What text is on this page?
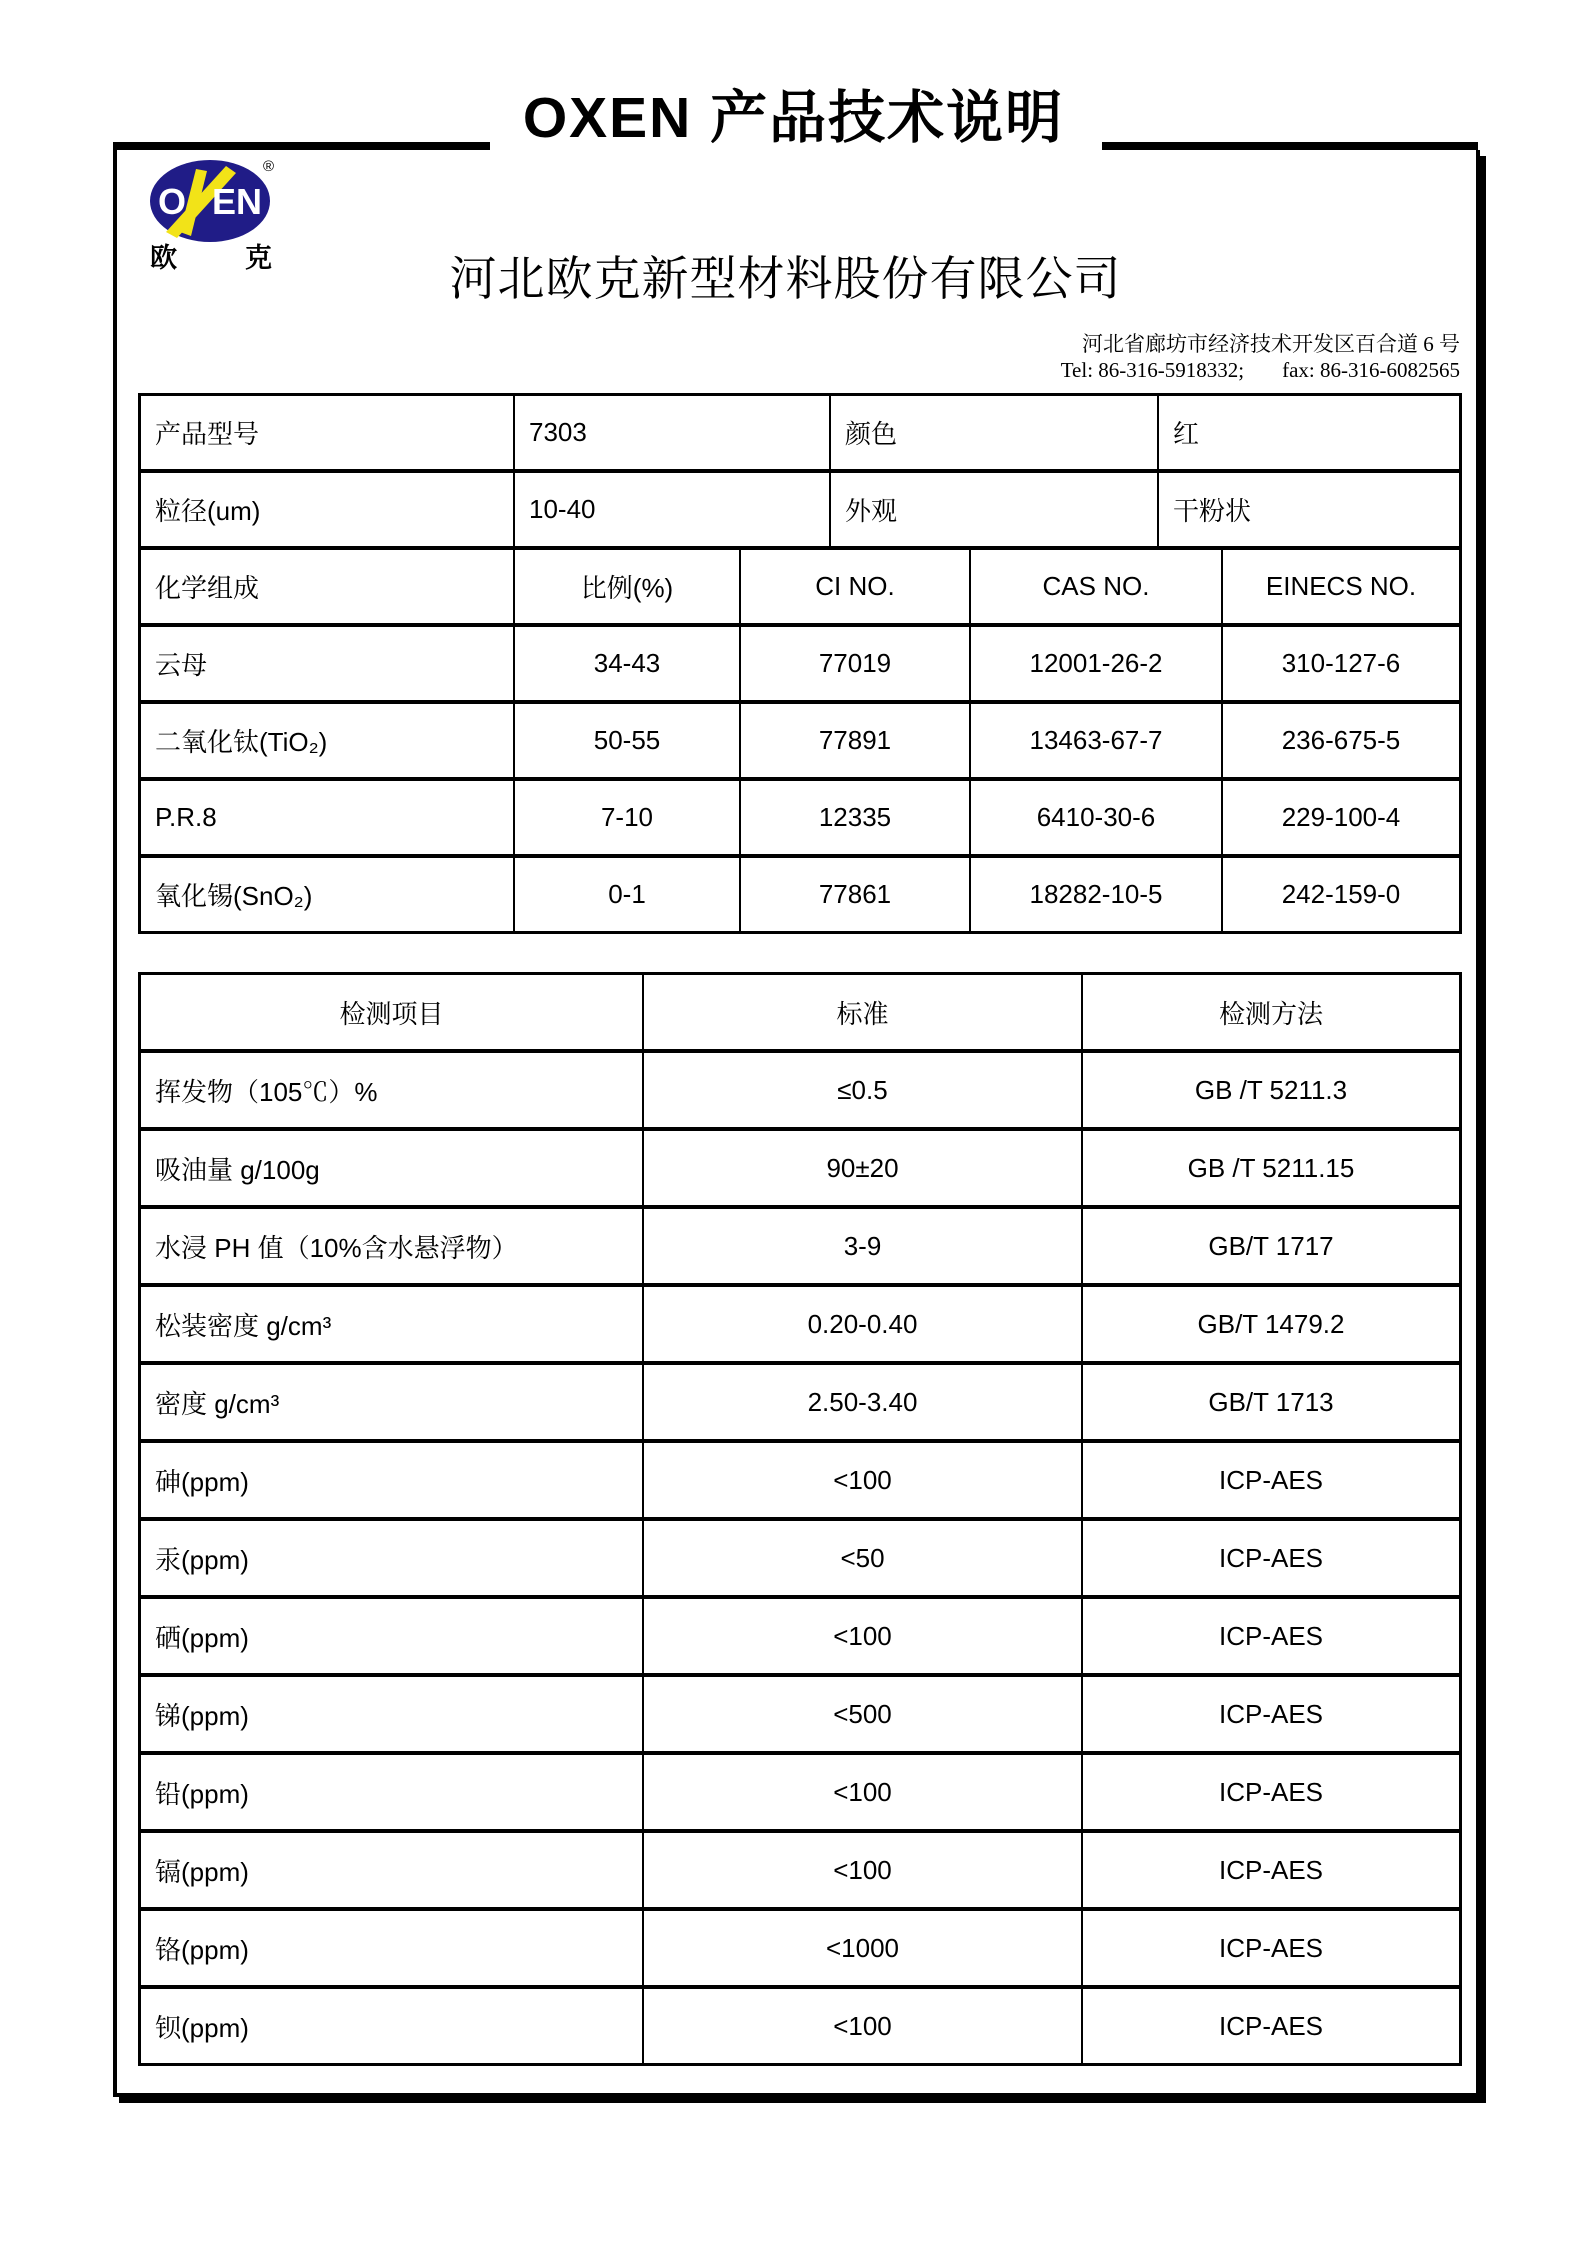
OXEN 产品技术说明
O EN
®
欧	克	河北欧克新型材料股份有限公司
河北省廊坊市经济技术开发区百合道 6 号
Tel: 86-316-5918332; fax: 86-316-6082565
产品型号	7303	颜色	红
粒径(um)	10-40	外观	干粉状
化学组成	比例(%)	CI NO.	CAS NO.	EINECS NO.
云母	34-43	77019	12001-26-2	310-127-6
二氧化钛(TiO₂)	50-55	77891	13463-67-7	236-675-5
P.R.8	7-10	12335	6410-30-6	229-100-4
氧化锡(SnO₂)	0-1	77861	18282-10-5	242-159-0
检测项目	标准	检测方法
挥发物（105℃）%	≤0.5	GB /T 5211.3
吸油量 g/100g	90±20	GB /T 5211.15
水浸 PH 值（10%含水悬浮物）	3-9	GB/T 1717
松装密度 g/cm³	0.20-0.40	GB/T 1479.2
密度 g/cm³	2.50-3.40	GB/T 1713
砷(ppm)	<100	ICP-AES
汞(ppm)	<50	ICP-AES
硒(ppm)	<100	ICP-AES
锑(ppm)	<500	ICP-AES
铅(ppm)	<100	ICP-AES
镉(ppm)	<100	ICP-AES
铬(ppm)	<1000	ICP-AES
钡(ppm)	<100	ICP-AES
